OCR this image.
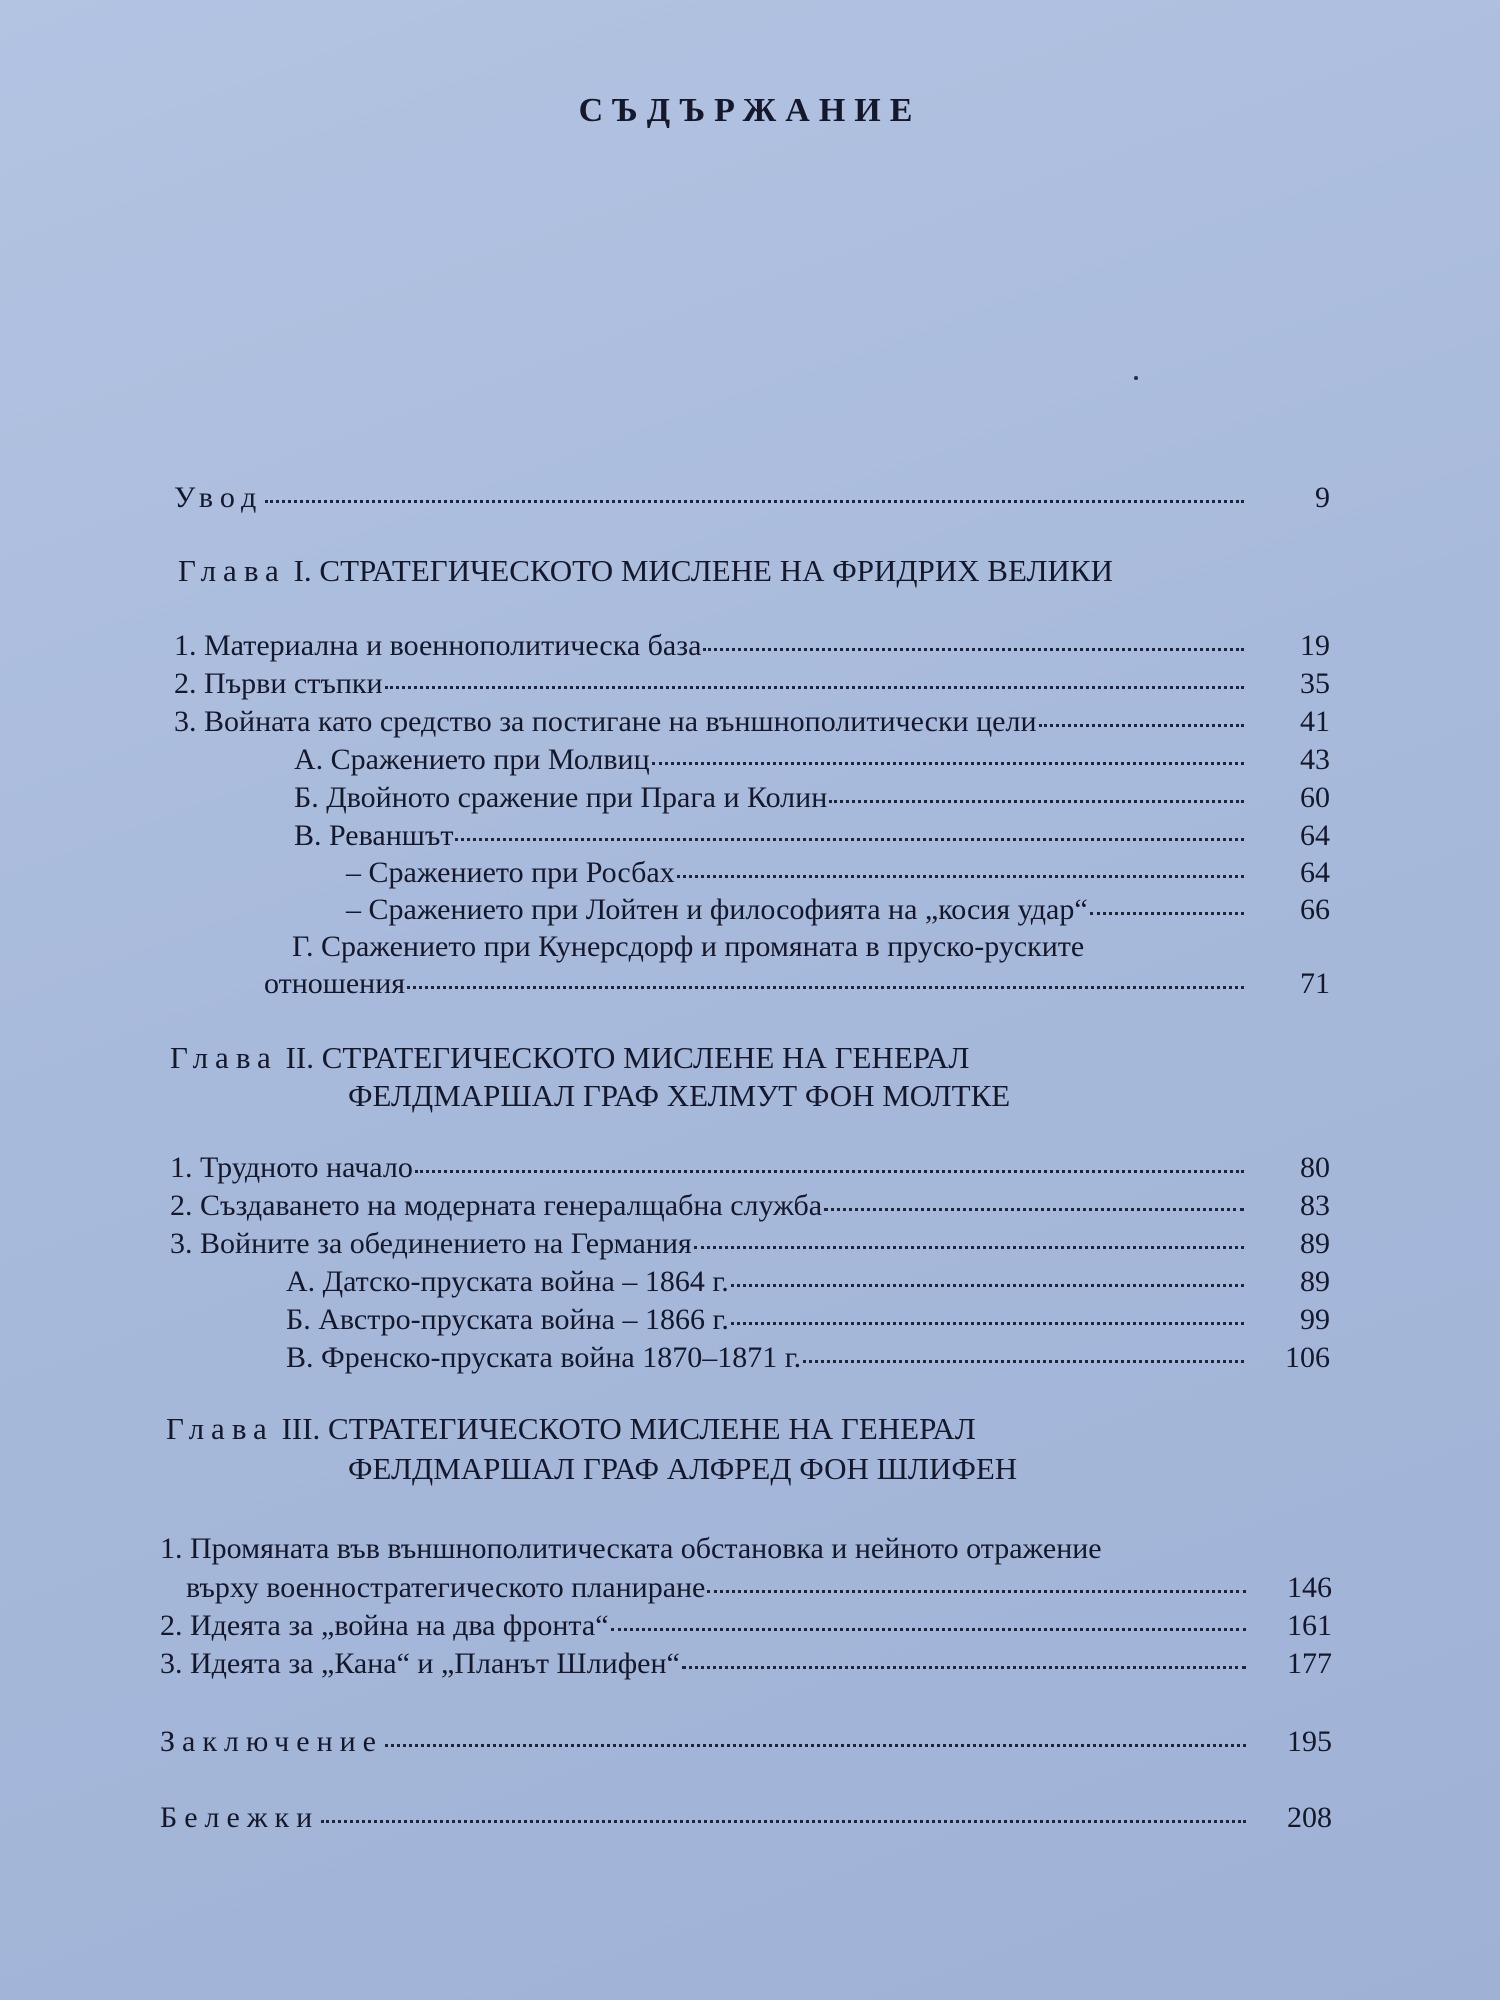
СЪДЪРЖАНИЕ
Увод	9
Глава I. СТРАТЕГИЧЕСКОТО МИСЛЕНЕ НА ФРИДРИХ ВЕЛИКИ
1. Материална и военнополитическа база	19
2. Първи стъпки	35
3. Войната като средство за постигане на външнополитически цели	41
А. Сражението при Молвиц	43
Б. Двойното сражение при Прага и Колин	60
В. Реваншът	64
– Сражението при Росбах	64
– Сражението при Лойтен и философията на „косия удар“	66
Г. Сражението при Кунерсдорф и промяната в пруско-руските
отношения	71
Глава II. СТРАТЕГИЧЕСКОТО МИСЛЕНЕ НА ГЕНЕРАЛ
ФЕЛДМАРШАЛ ГРАФ ХЕЛМУТ ФОН МОЛТКЕ
1. Трудното начало	80
2. Създаването на модерната генералщабна служба	83
3. Войните за обединението на Германия	89
А. Датско-пруската война – 1864 г.	89
Б. Австро-пруската война – 1866 г.	99
В. Френско-пруската война 1870–1871 г.	106
Глава III. СТРАТЕГИЧЕСКОТО МИСЛЕНЕ НА ГЕНЕРАЛ
ФЕЛДМАРШАЛ ГРАФ АЛФРЕД ФОН ШЛИФЕН
1. Промяната във външнополитическата обстановка и нейното отражение
върху военностратегическото планиране	146
2. Идеята за „война на два фронта“	161
3. Идеята за „Кана“ и „Планът Шлифен“	177
Заключение	195
Бележки	208
